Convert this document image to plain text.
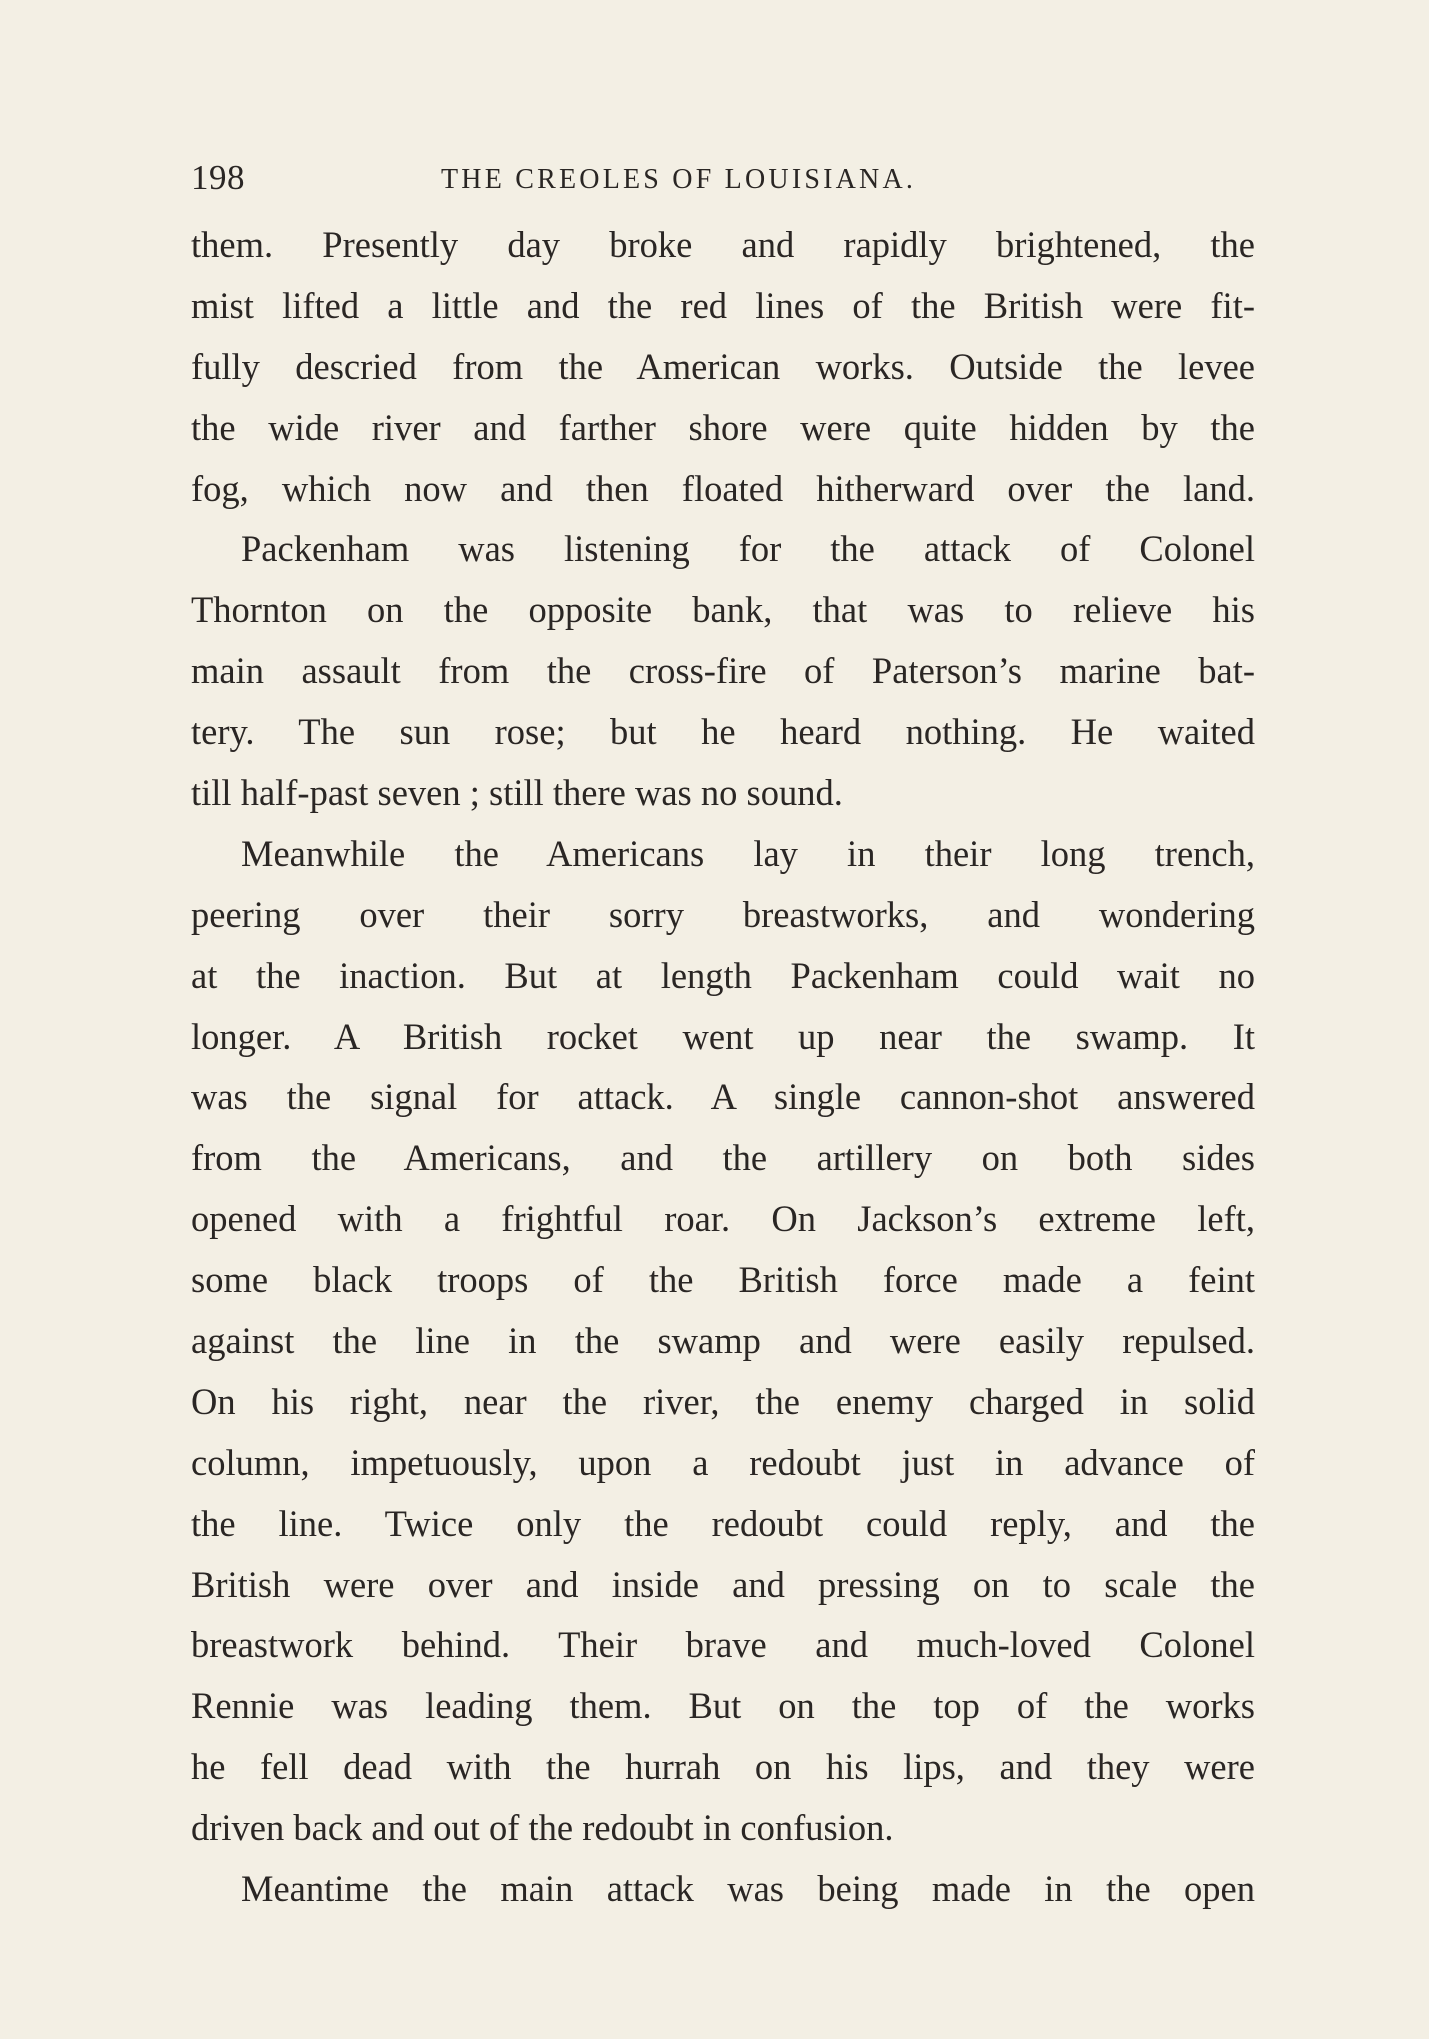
198	THE CREOLES OF LOUISIANA.
them. Presently day broke and rapidly brightened, the
mist lifted a little and the red lines of the British were fit-
fully descried from the American works. Outside the levee
the wide river and farther shore were quite hidden by the
fog, which now and then floated hitherward over the land.
Packenham was listening for the attack of Colonel
Thornton on the opposite bank, that was to relieve his
main assault from the cross-fire of Paterson’s marine bat-
tery. The sun rose; but he heard nothing. He waited
till half-past seven ; still there was no sound.
Meanwhile the Americans lay in their long trench,
peering over their sorry breastworks, and wondering
at the inaction. But at length Packenham could wait no
longer. A British rocket went up near the swamp. It
was the signal for attack. A single cannon-shot answered
from the Americans, and the artillery on both sides
opened with a frightful roar. On Jackson’s extreme left,
some black troops of the British force made a feint
against the line in the swamp and were easily repulsed.
On his right, near the river, the enemy charged in solid
column, impetuously, upon a redoubt just in advance of
the line. Twice only the redoubt could reply, and the
British were over and inside and pressing on to scale the
breastwork behind. Their brave and much-loved Colonel
Rennie was leading them. But on the top of the works
he fell dead with the hurrah on his lips, and they were
driven back and out of the redoubt in confusion.
Meantime the main attack was being made in the open
